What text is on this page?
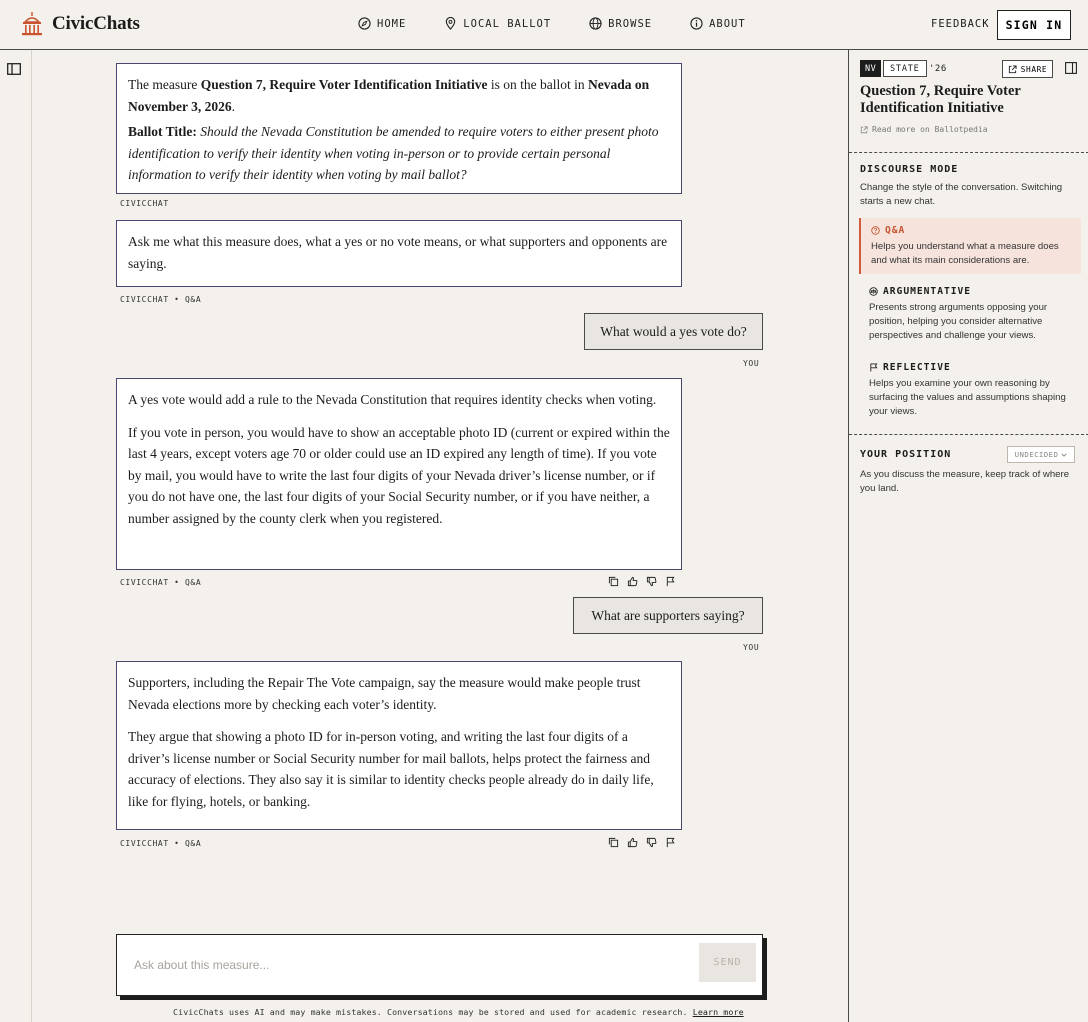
CivicChats	HOME	LOCAL BALLOT	BROWSE	ABOUT	FEEDBACK	SIGN IN

The measure Question 7, Require Voter Identification Initiative is on the ballot in Nevada on November 3, 2026.

Ballot Title: Should the Nevada Constitution be amended to require voters to either present photo identification to verify their identity when voting in-person or to provide certain personal information to verify their identity when voting by mail ballot?

CIVICCHAT

Ask me what this measure does, what a yes or no vote means, or what supporters and opponents are saying.

CIVICCHAT • Q&A
What would a yes vote do?
YOU

A yes vote would add a rule to the Nevada Constitution that requires identity checks when voting.

If you vote in person, you would have to show an acceptable photo ID (current or expired within the last 4 years, except voters age 70 or older could use an ID expired any length of time). If you vote by mail, you would have to write the last four digits of your Nevada driver’s license number, or if you do not have one, the last four digits of your Social Security number, or if you have neither, a number assigned by the county clerk when you registered.

CIVICCHAT • Q&A
What are supporters saying?
YOU

Supporters, including the Repair The Vote campaign, say the measure would make people trust Nevada elections more by checking each voter’s identity.

They argue that showing a photo ID for in-person voting, and writing the last four digits of a driver’s license number or Social Security number for mail ballots, helps protect the fairness and accuracy of elections. They also say it is similar to identity checks people already do in daily life, like for flying, hotels, or banking.

CIVICCHAT • Q&A
Ask about this measure...
SEND
CivicChats uses AI and may make mistakes. Conversations may be stored and used for academic research. Learn more
NV	STATE	'26	SHARE
Question 7, Require Voter Identification Initiative
Read more on Ballotpedia
DISCOURSE MODE
Change the style of the conversation. Switching starts a new chat.
Q&A
Helps you understand what a measure does and what its main considerations are.
ARGUMENTATIVE
Presents strong arguments opposing your position, helping you consider alternative perspectives and challenge your views.
REFLECTIVE
Helps you examine your own reasoning by surfacing the values and assumptions shaping your views.
YOUR POSITION	UNDECIDED
As you discuss the measure, keep track of where you land.
